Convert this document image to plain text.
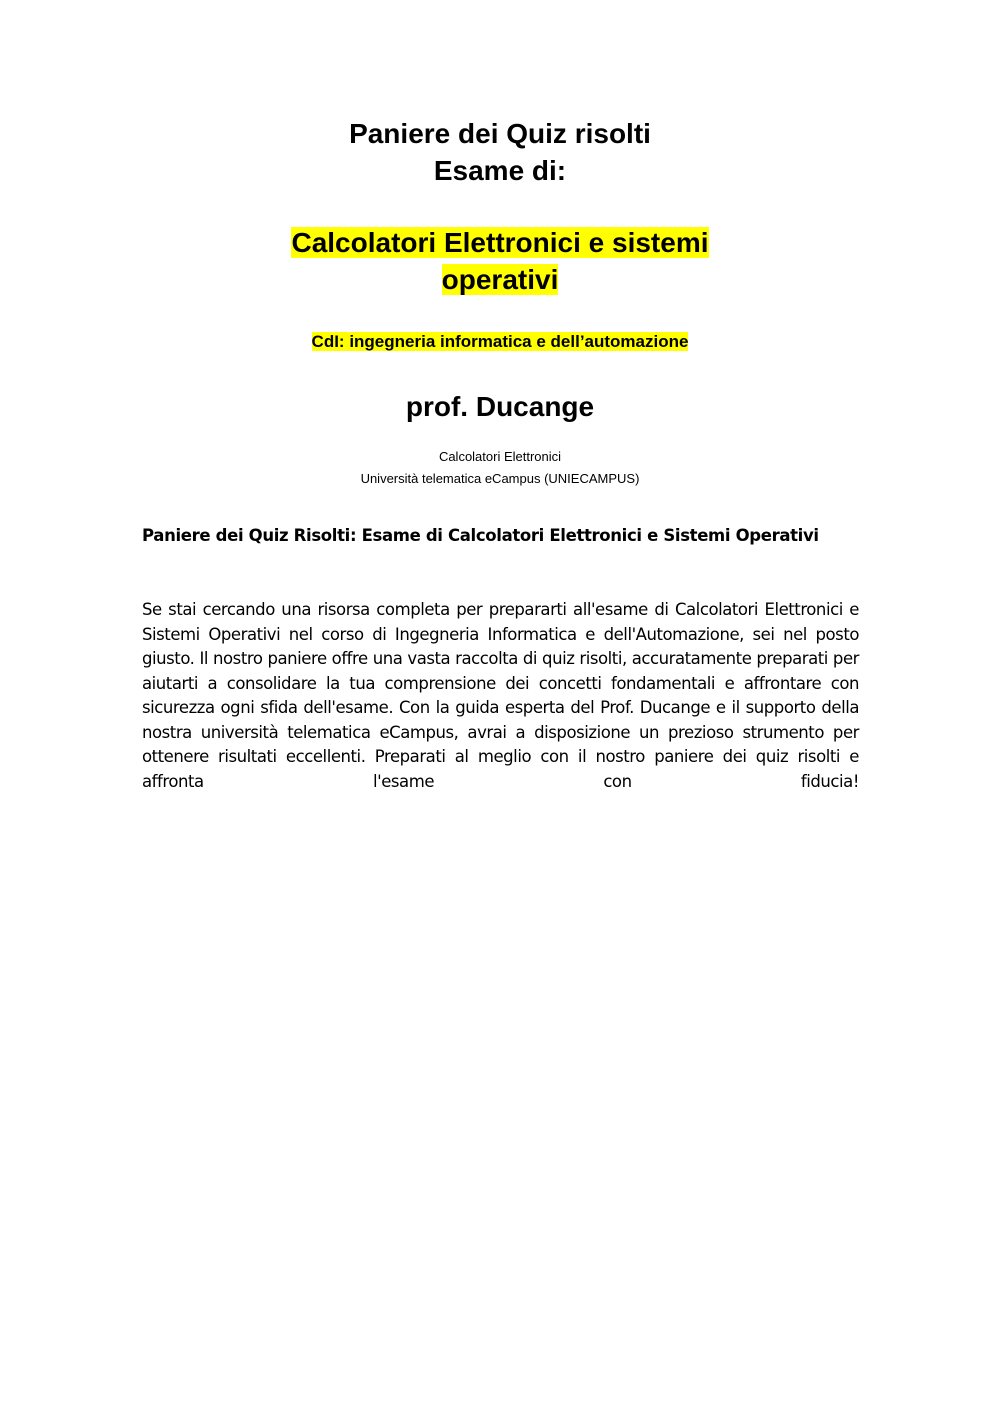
Paniere dei Quiz risolti
Esame di:
Calcolatori Elettronici e sistemi
operativi
CdI: ingegneria informatica e dell’automazione
prof. Ducange
Calcolatori Elettronici
Università telematica eCampus (UNIECAMPUS)
Paniere dei Quiz Risolti: Esame di Calcolatori Elettronici e Sistemi Operativi
Se stai cercando una risorsa completa per prepararti all'esame di Calcolatori Elettronici e Sistemi Operativi nel corso di Ingegneria Informatica e dell'Automazione, sei nel posto giusto. Il nostro paniere offre una vasta raccolta di quiz risolti, accuratamente preparati per aiutarti a consolidare la tua comprensione dei concetti fondamentali e affrontare con sicurezza ogni sfida dell'esame. Con la guida esperta del Prof. Ducange e il supporto della nostra università telematica eCampus, avrai a disposizione un prezioso strumento per ottenere risultati eccellenti. Preparati al meglio con il nostro paniere dei quiz risolti e affronta l'esame con fiducia!
